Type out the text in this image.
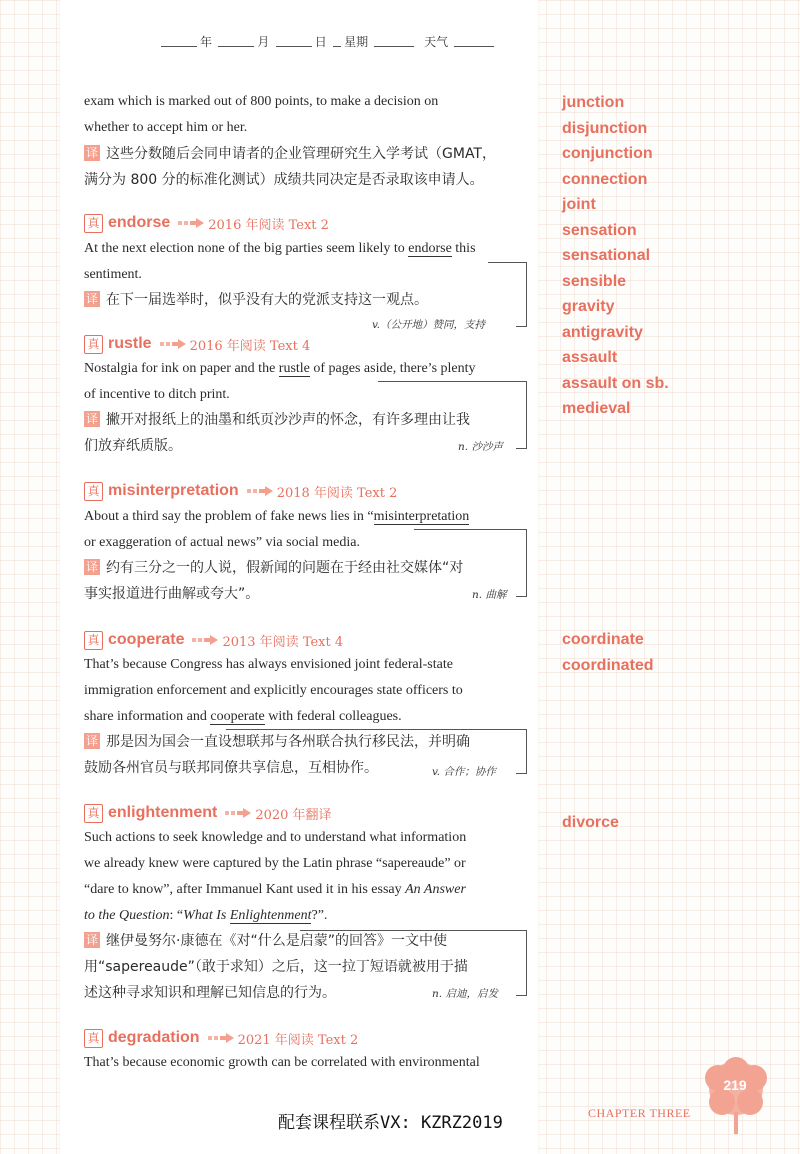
年	月	日 星期	天气

exam which is marked out of 800 points, to make a decision on
whether to accept him or her.

译 这些分数随后会同申请者的企业管理研究生入学考试（GMAT，
满分为 800 分的标准化测试）成绩共同决定是否录取该申请人。

真 endorse	2016 年阅读 Text 2

At the next election none of the big parties seem likely to endorse this
sentiment.

译 在下一届选举时，似乎没有大的党派支持这一观点。

v.（公开地）赞同，支持
真 rustle	2016 年阅读 Text 4

Nostalgia for ink on paper and the rustle of pages aside, there’s plenty
of incentive to ditch print.

译 撇开对报纸上的油墨和纸页沙沙声的怀念，有许多理由让我
们放弃纸质版。	n. 沙沙声
真 misinterpretation	2018 年阅读 Text 2

About a third say the problem of fake news lies in “misinterpretation
or exaggeration of actual news” via social media.

译 约有三分之一的人说，假新闻的问题在于经由社交媒体“对
事实报道进行曲解或夸大”。	n. 曲解
真 cooperate	2013 年阅读 Text 4

That’s because Congress has always envisioned joint federal-state
immigration enforcement and explicitly encourages state officers to
share information and cooperate with federal colleagues.

译 那是因为国会一直设想联邦与各州联合执行移民法，并明确
鼓励各州官员与联邦同僚共享信息，互相协作。	v. 合作；协作
真 enlightenment	2020 年翻译

Such actions to seek knowledge and to understand what information
we already knew were captured by the Latin phrase “sapereaude” or
“dare to know”, after Immanuel Kant used it in his essay An Answer
to the Question: “What Is Enlightenment?”.

译 继伊曼努尔·康德在《对“什么是启蒙”的回答》一文中使
用“sapereaude”（敢于求知）之后，这一拉丁短语就被用于描
述这种寻求知识和理解已知信息的行为。	n. 启迪，启发
真 degradation	2021 年阅读 Text 2

That’s because economic growth can be correlated with environmental

junction
disjunction
conjunction
connection
joint
sensation
sensational
sensible
gravity
antigravity
assault
assault on sb.
medieval
coordinate
coordinated
divorce
219
CHAPTER THREE
配套课程联系VX: KZRZ2019
